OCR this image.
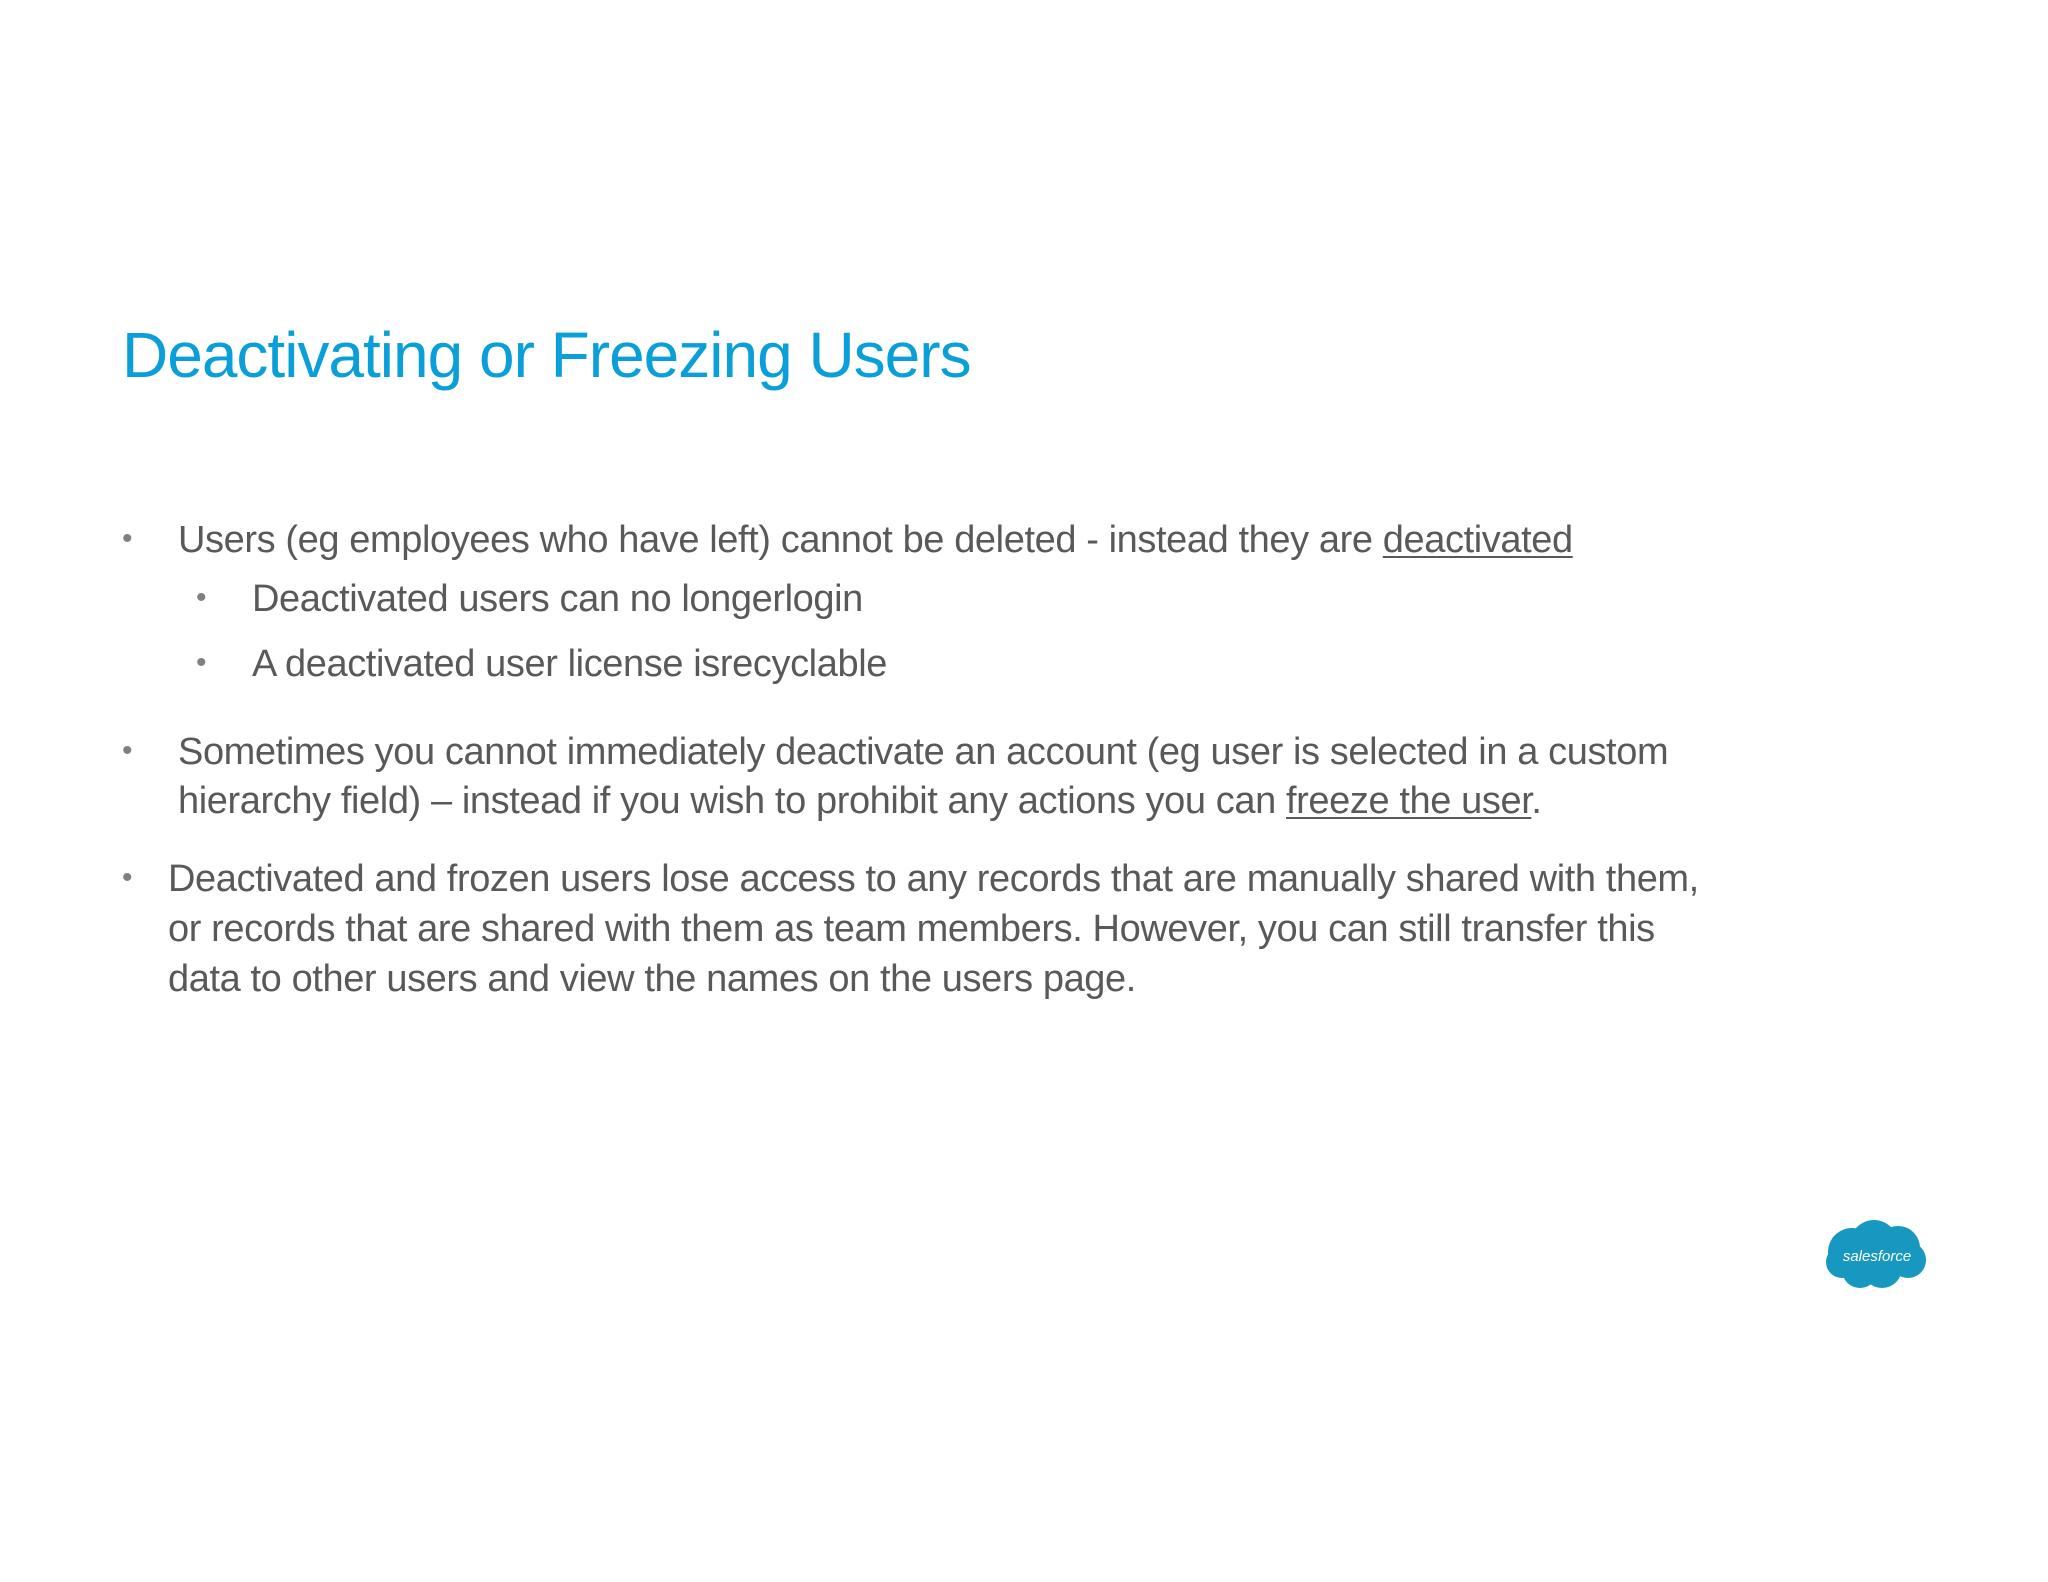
Deactivating or Freezing Users
• Users (eg employees who have left) cannot be deleted - instead they are deactivated
• Deactivated users can no longerlogin
• A deactivated user license isrecyclable
• Sometimes you cannot immediately deactivate an account (eg user is selected in a custom
hierarchy field) – instead if you wish to prohibit any actions you can freeze the user.
• Deactivated and frozen users lose access to any records that are manually shared with them,
or records that are shared with them as team members. However, you can still transfer this
data to other users and view the names on the users page.
salesforce
